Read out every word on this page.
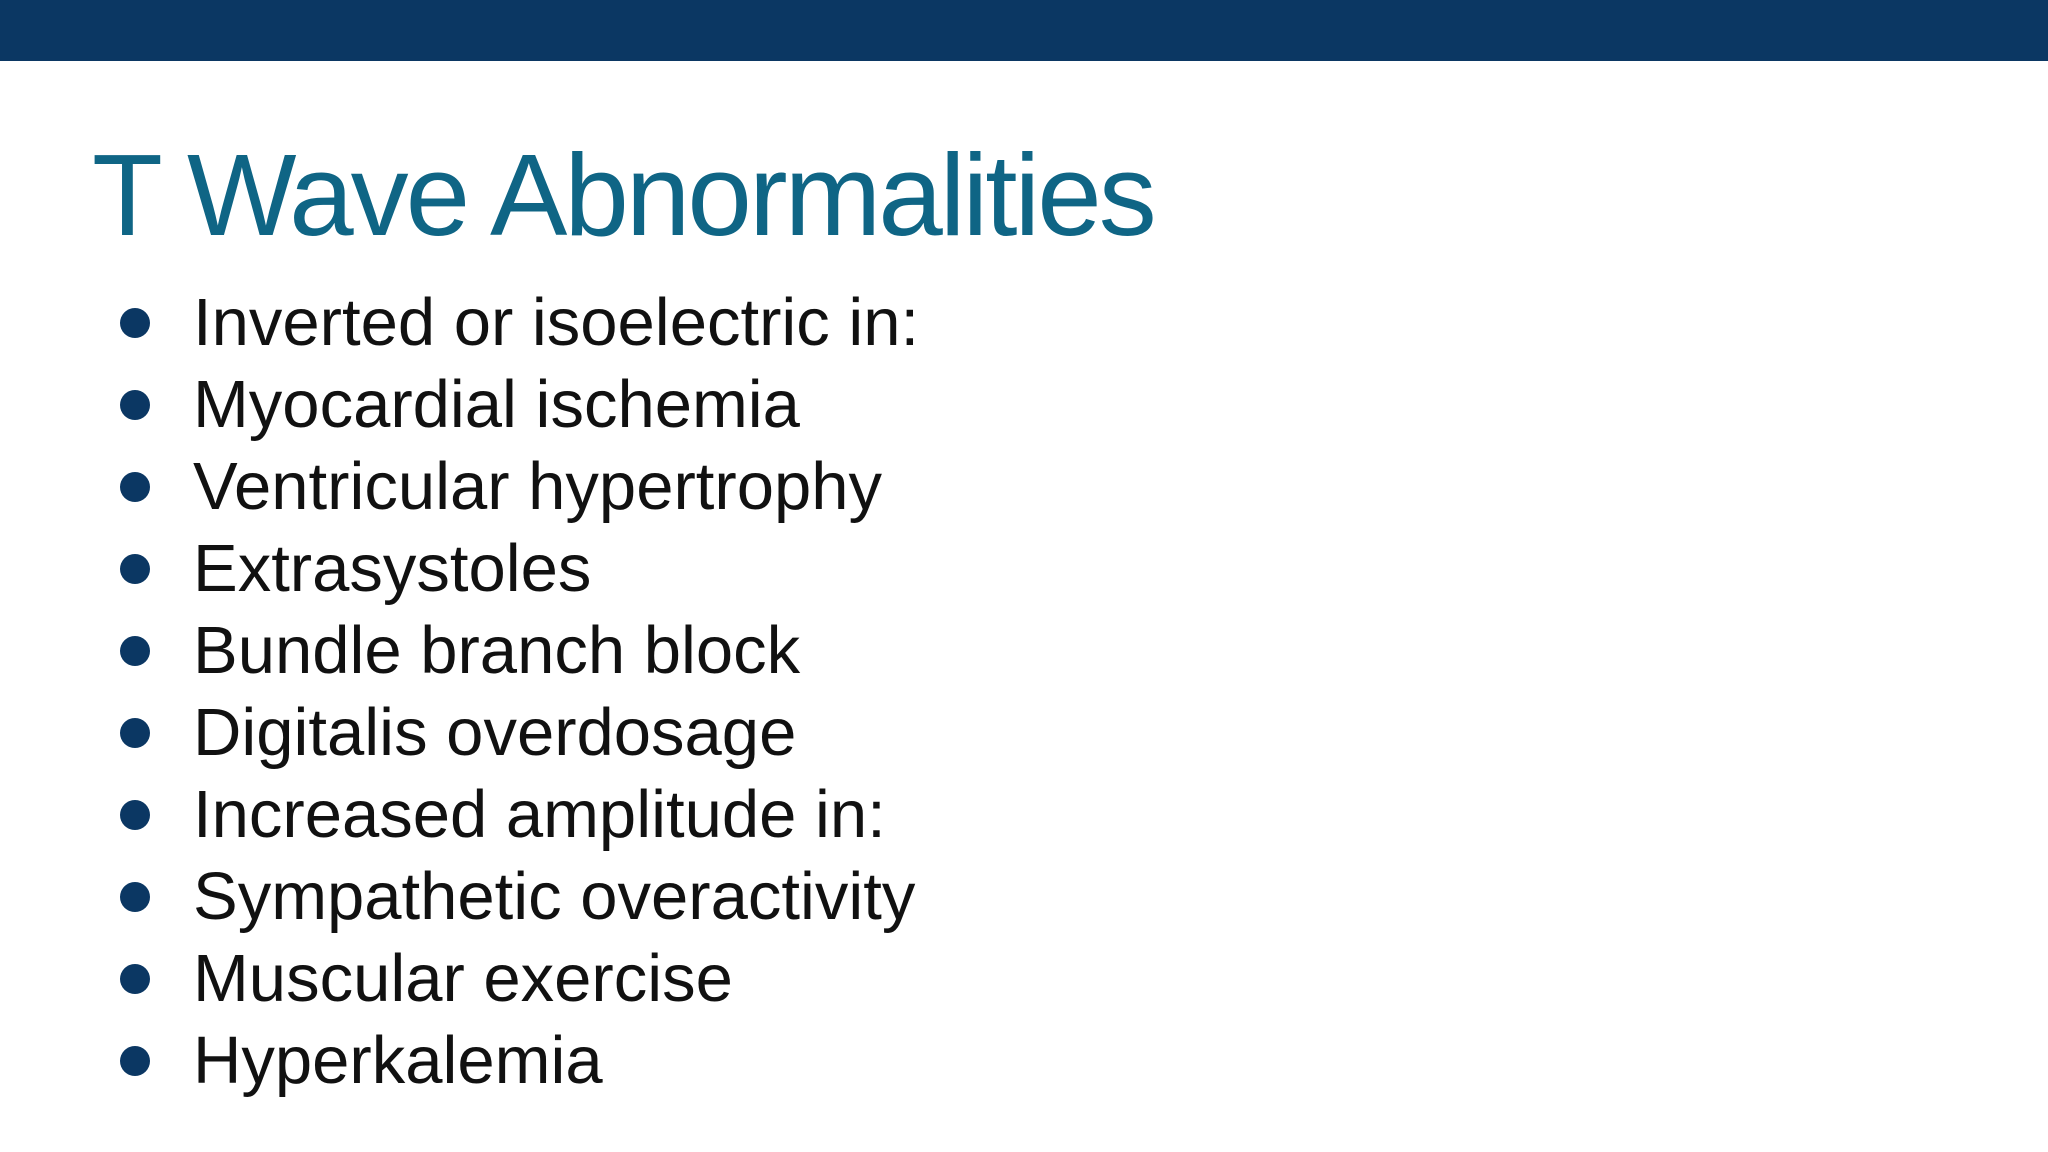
T Wave Abnormalities
Inverted or isoelectric in:
Myocardial ischemia
Ventricular hypertrophy
Extrasystoles
Bundle branch block
Digitalis overdosage
Increased amplitude in:
Sympathetic overactivity
Muscular exercise
Hyperkalemia
